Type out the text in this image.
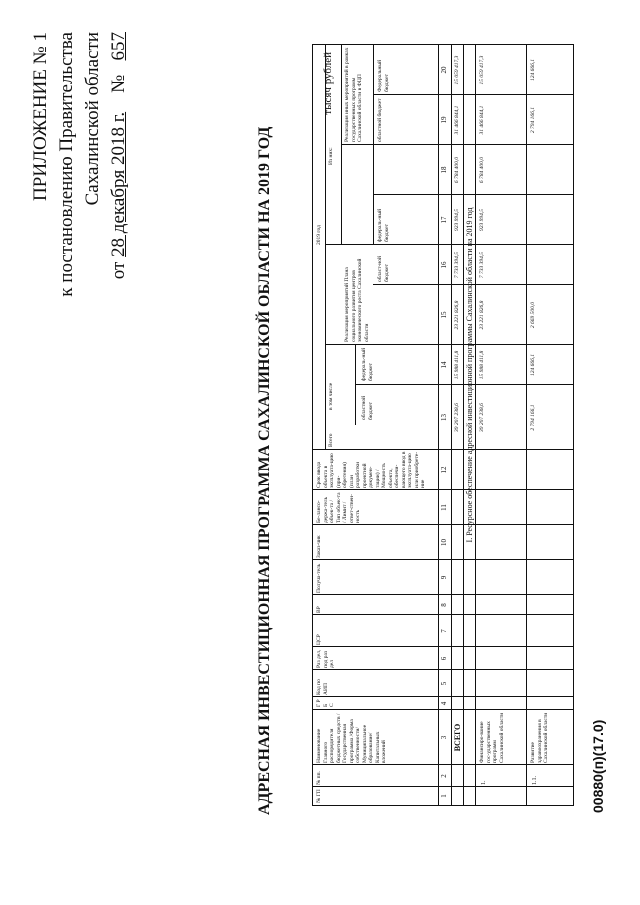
ПРИЛОЖЕНИЕ № 1 к постановлению Правительства Сахалинской области
от 28 декабря 2018 г.    №   657
АДРЕСНАЯ ИНВЕСТИЦИОННАЯ ПРОГРАММА САХАЛИНСКОЙ ОБЛАСТИ НА 2019 ГОД
тысяч рублей
№ ГП
№ пп.
Наименование Главного распорядителя бюджетных средств / Государственная программа /Форма собственности/ Муниципальное образование/ Капитальных вложений
Г Р Б С
Код по АИП
Раз дел, под раз дел
ЦСР
ВР
Получа-тель
Заказ-чик
Бе-лансо-держа-тель объек-та / Тип объек-та / Лимит / ответ-ствен-ность
Срок ввода объекта в эксплуата-цию (при-обретения) (план разработки проектной докумен-тации) / Мощность объекта, обеспечи-вающего ввод в эксплуата-цию или приобрете-ние
2019 год
Всего
в том числе	областной бюджет
федераль-ный бюджет
Из них:
Реализация мероприятий Плана социального развития центров экономического роста Сахалинской области
Реализация иных мероприятий в рамках государственных программ Сахалинской области в ФЦП
област-ной бюджет
федераль-ный бюджет
областной бюджет
Федеральный бюджет
1
2
3
4
5
6
7
8
9
10
11
12
13
14
15
16
17
18
19
20
ВСЕГО
39 207 238,6
15 988 411,8
23 221 826,8
7 733 394,5
923 994,5
6 784 400,0
31 466 844,1
15 059 417,3
I. Ресурсное обеспечение адресной инвестиционной программы Сахалинской области на 2019 год
1.
Финансиро-вание гос-ударственных программ Сахалинской области
39 207 238,6
15 988 411,8
23 221 826,8
7 733 394,5
923 994,5
6 784 400,0
31 466 844,1
15 059 417,3
1.1.
Развитие здравоохранения в Сахалинской области
2 794 166,1
124 666,1
2 669 500,0
2 794 166,1
124 666,1
00880(п)(17.0)
